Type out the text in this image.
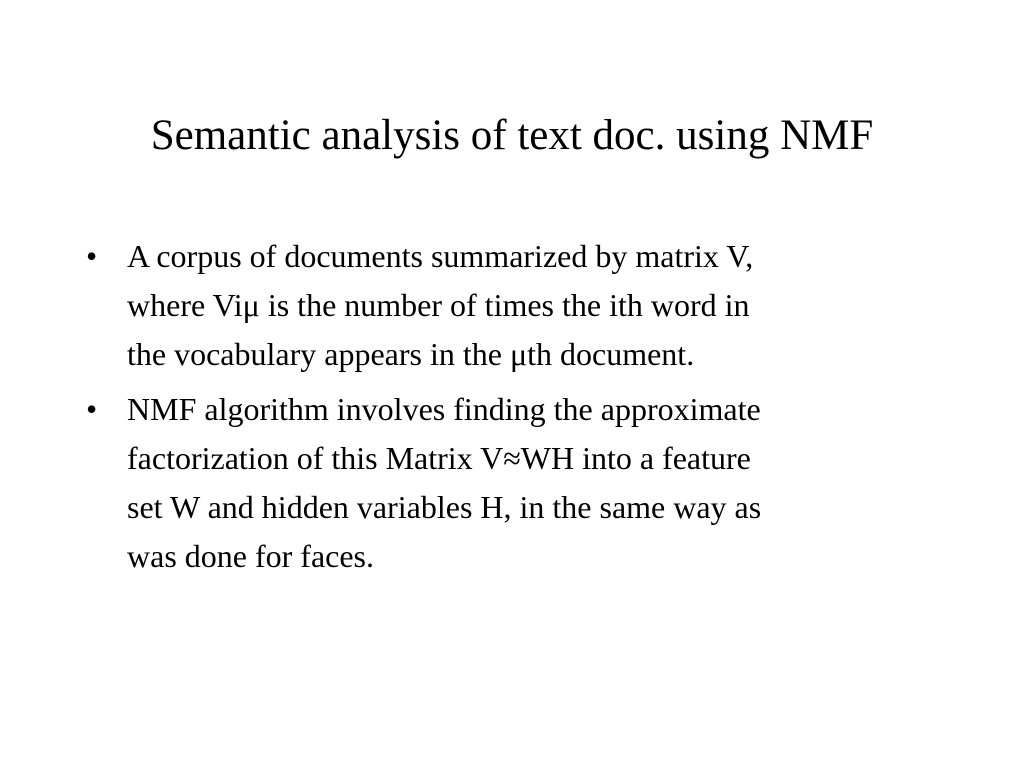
Semantic analysis of text doc. using NMF
• A corpus of documents summarized by matrix V,
where Viμ is the number of times the ith word in
the vocabulary appears in the μth document.
• NMF algorithm involves finding the approximate
factorization of this Matrix V≈WH into a feature
set W and hidden variables H, in the same way as
was done for faces.
